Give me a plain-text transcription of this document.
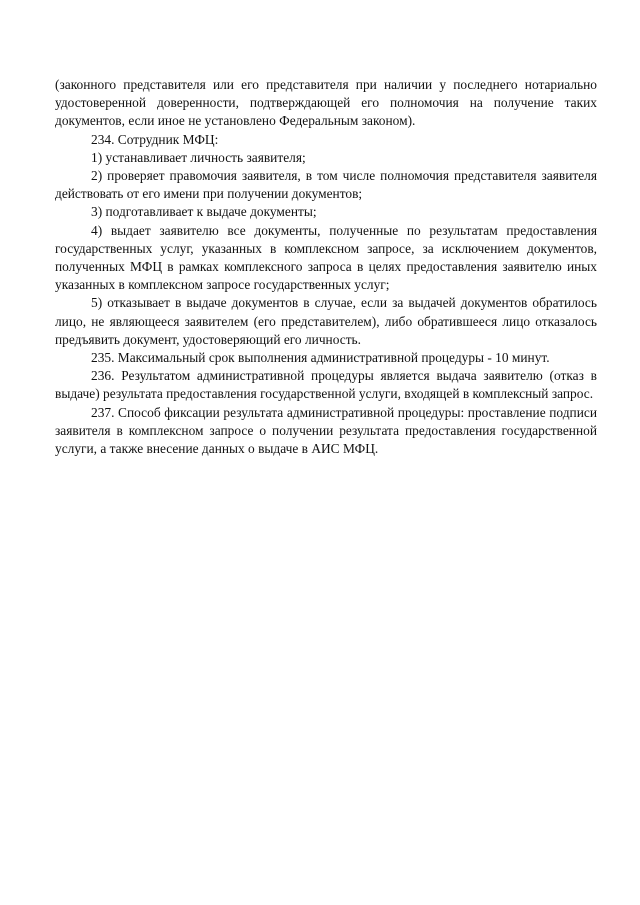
(законного представителя или его представителя при наличии у последнего нотариально удостоверенной доверенности, подтверждающей его полномочия на получение таких документов, если иное не установлено Федеральным законом).

234. Сотрудник МФЦ:

1) устанавливает личность заявителя;

2) проверяет правомочия заявителя, в том числе полномочия представителя заявителя действовать от его имени при получении документов;

3) подготавливает к выдаче документы;

4) выдает заявителю все документы, полученные по результатам предоставления государственных услуг, указанных в комплексном запросе, за исключением документов, полученных МФЦ в рамках комплексного запроса в целях предоставления заявителю иных указанных в комплексном запросе государственных услуг;

5) отказывает в выдаче документов в случае, если за выдачей документов обратилось лицо, не являющееся заявителем (его представителем), либо обратившееся лицо отказалось предъявить документ, удостоверяющий его личность.

235. Максимальный срок выполнения административной процедуры - 10 минут.

236. Результатом административной процедуры является выдача заявителю (отказ в выдаче) результата предоставления государственной услуги, входящей в комплексный запрос.

237. Способ фиксации результата административной процедуры: проставление подписи заявителя в комплексном запросе о получении результата предоставления государственной услуги, а также внесение данных о выдаче в АИС МФЦ.
